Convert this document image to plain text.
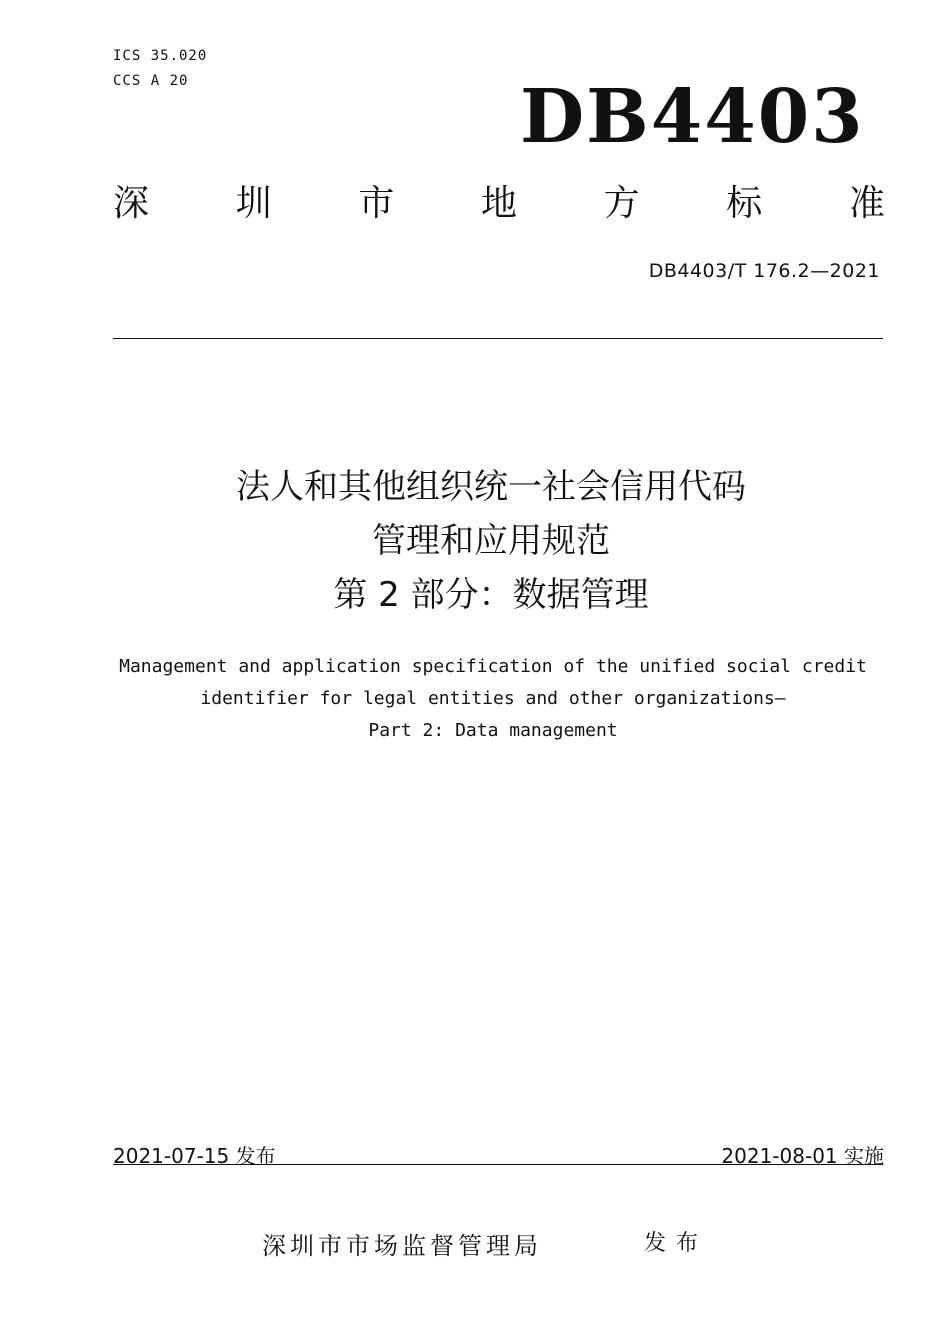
ICS 35.020
CCS A 20	DB4403
深 圳 市 地 方 标 准
DB4403/T 176.2—2021
法人和其他组织统一社会信用代码
管理和应用规范
第 2 部分：数据管理
Management and application specification of the unified social credit
identifier for legal entities and other organizations—
Part 2: Data management
2021-07-15 发布	2021-08-01 实施
深圳市市场监督管理局	发布
